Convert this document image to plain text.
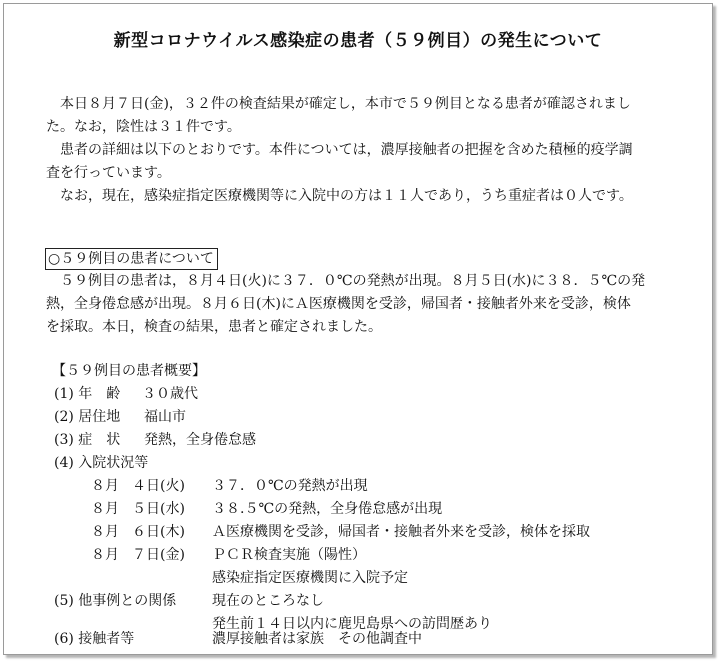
新型コロナウイルス感染症の患者（５９例目）の発生について
本日８月７日(金)，３２件の検査結果が確定し，本市で５９例目となる患者が確認されまし
た。なお，陰性は３１件です。
患者の詳細は以下のとおりです。本件については，濃厚接触者の把握を含めた積極的疫学調
査を行っています。
なお，現在，感染症指定医療機関等に入院中の方は１１人であり，うち重症者は０人です。
○５９例目の患者について
５９例目の患者は，８月４日(火)に３７．０℃の発熱が出現。８月５日(水)に３８．５℃の発
熱，全身倦怠感が出現。８月６日(木)にＡ医療機関を受診，帰国者・接触者外来を受診，検体
を採取。本日，検査の結果，患者と確定されました。
【５９例目の患者概要】
(1) 年　齢 ３０歳代
(2) 居住地 福山市
(3) 症　状 発熱，全身倦怠感
(4) 入院状況等
８月 ４日(火) ３７．０℃の発熱が出現
８月 ５日(水) ３８.５℃の発熱，全身倦怠感が出現
８月 ６日(木) Ａ医療機関を受診，帰国者・接触者外来を受診，検体を採取
８月 ７日(金) ＰＣＲ検査実施（陽性）
感染症指定医療機関に入院予定
(5) 他事例との関係	現在のところなし
発生前１４日以内に鹿児島県への訪問歴あり
(6) 接触者等	濃厚接触者は家族　その他調査中
